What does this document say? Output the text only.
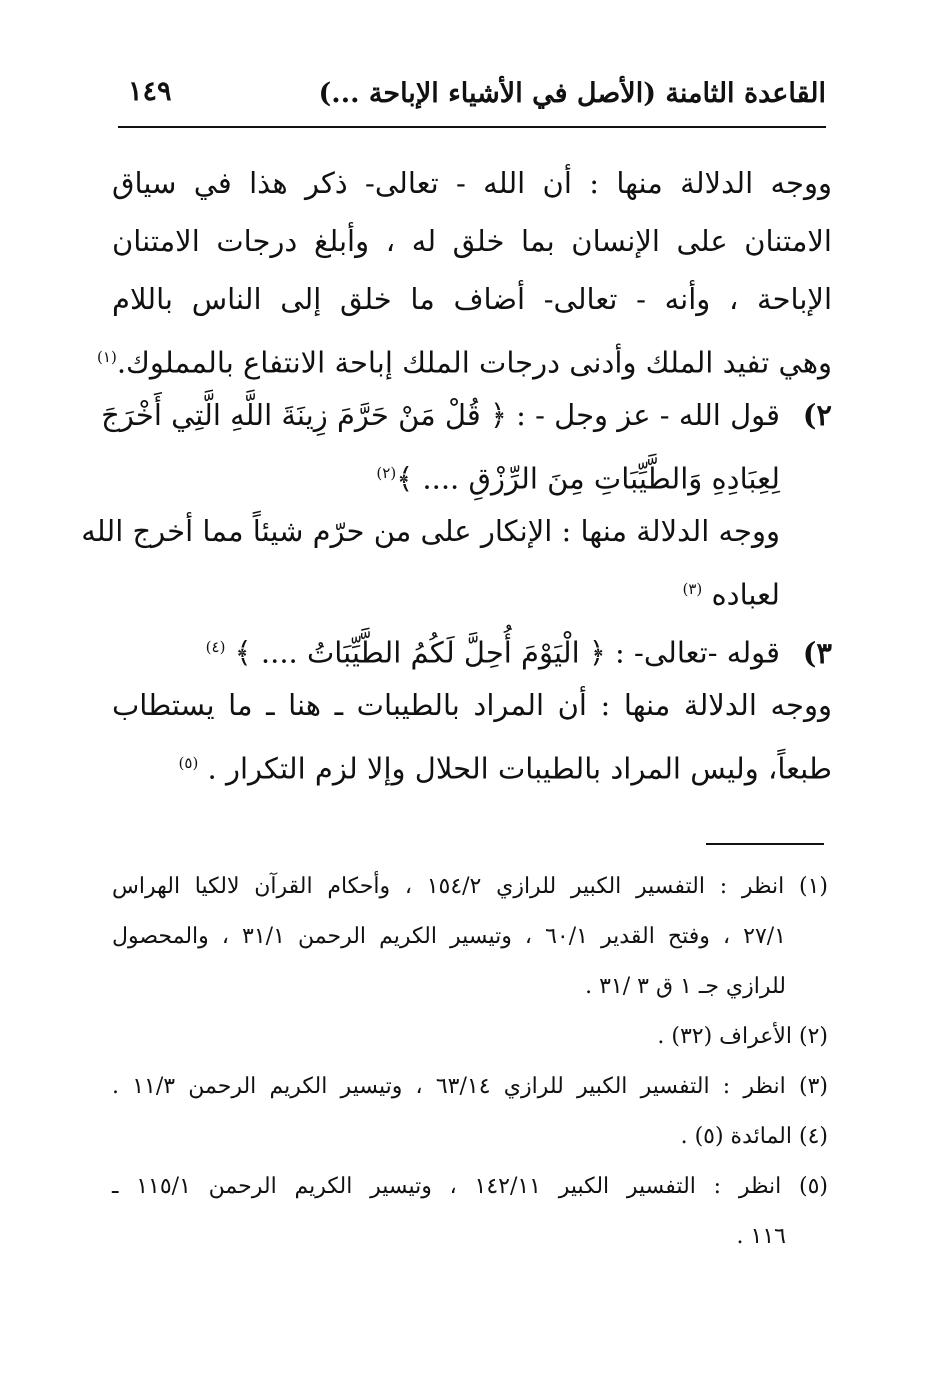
القاعدة الثامنة (الأصل في الأشياء الإباحة ...)
١٤٩
ووجه الدلالة منها : أن الله - تعالى- ذكر هذا في سياق
الامتنان على الإنسان بما خلق له ، وأبلغ درجات الامتنان
الإباحة ، وأنه - تعالى- أضاف ما خلق إلى الناس باللام
وهي تفيد الملك وأدنى درجات الملك إباحة الانتفاع بالمملوك.$^{(١)}$
٢)قول الله - عز وجل - : ﴿ قُلْ مَنْ حَرَّمَ زِينَةَ اللَّهِ الَّتِي أَخْرَجَ
لِعِبَادِهِ وَالطَّيِّبَاتِ مِنَ الرِّزْقِ .... ﴾$^{(٢)}$
ووجه الدلالة منها : الإنكار على من حرّم شيئاً مما أخرج الله
لعباده $^{(٣)}$
٣)قوله -تعالى- : ﴿ الْيَوْمَ أُحِلَّ لَكُمُ الطَّيِّبَاتُ .... ﴾ $^{(٤)}$
ووجه الدلالة منها : أن المراد بالطيبات ـ هنا ـ ما يستطاب
طبعاً، وليس المراد بالطيبات الحلال وإلا لزم التكرار . $^{(٥)}$
(١) انظر : التفسير الكبير للرازي ١٥٤/٢ ، وأحكام القرآن لالكيا الهراس
٢٧/١ ، وفتح القدير ٦٠/١ ، وتيسير الكريم الرحمن ٣١/١ ، والمحصول
للرازي جـ ١ ق ٣ /٣١ .
(٢) الأعراف (٣٢) .
(٣) انظر : التفسير الكبير للرازي ٦٣/١٤ ، وتيسير الكريم الرحمن ١١/٣ .
(٤) المائدة (٥) .
(٥) انظر : التفسير الكبير ١٤٢/١١ ، وتيسير الكريم الرحمن ١١٥/١ ـ
١١٦ .
